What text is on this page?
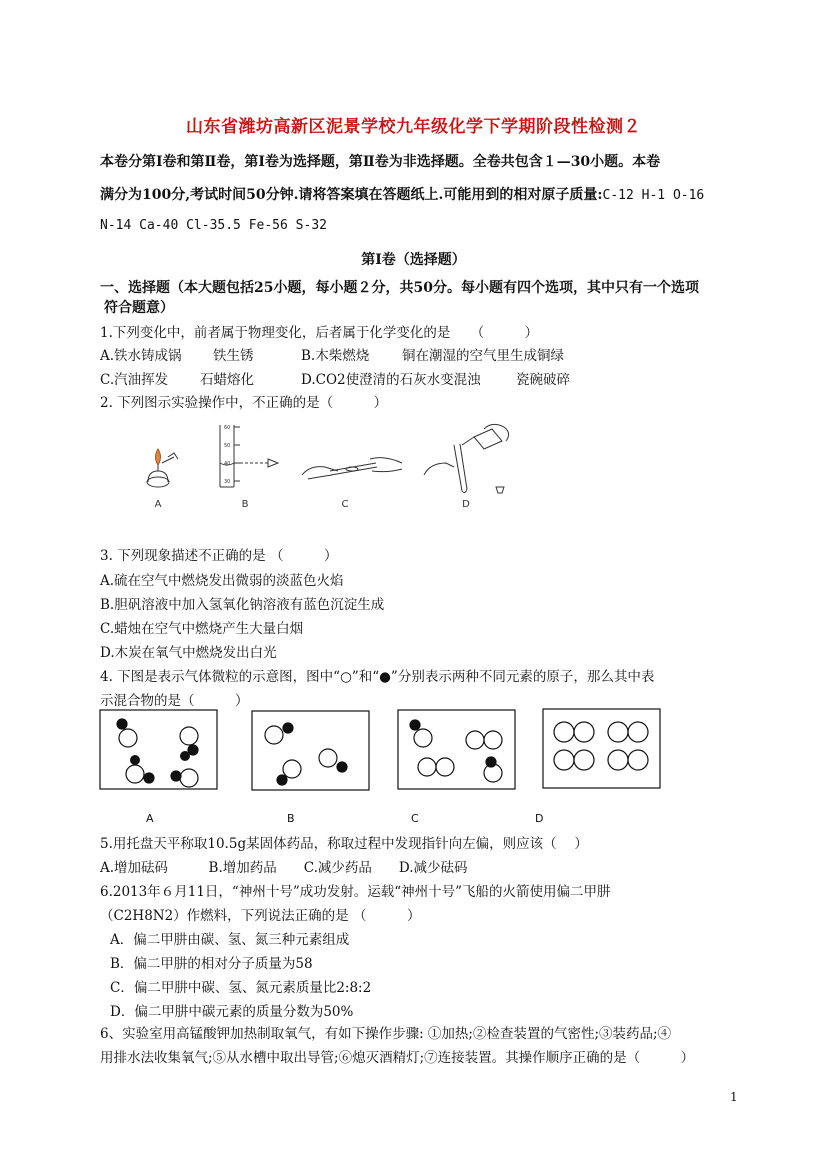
山东省潍坊高新区泥景学校九年级化学下学期阶段性检测２
本卷分第Ⅰ卷和第Ⅱ卷，第Ⅰ卷为选择题，第Ⅱ卷为非选择题。全卷共包含１—30小题。本卷
满分为100分,考试时间50分钟.请将答案填在答题纸上.可能用到的相对原子质量:C-12 H-1 O-16
N-14 Ca-40 Cl-35.5 Fe-56 S-32
第Ⅰ卷（选择题）
一、选择题（本大题包括25小题，每小题２分，共50分。每小题有四个选项，其中只有一个选项
符合题意）
1.下列变化中，前者属于物理变化，后者属于化学变化的是　　（　　　）
A.铁水铸成锅 铁生锈	B.木柴燃烧 铜在潮湿的空气里生成铜绿
C.汽油挥发 石蜡熔化	D.CO2使澄清的石灰水变混浊	瓷碗破碎
2. 下列图示实验操作中，不正确的是（　　　）
60
50
40
30
A	B	C	D
3. 下列现象描述不正确的是 （　　　）
A.硫在空气中燃烧发出微弱的淡蓝色火焰
B.胆矾溶液中加入氢氧化钠溶液有蓝色沉淀生成
C.蜡烛在空气中燃烧产生大量白烟
D.木炭在氧气中燃烧发出白光
4. 下图是表示气体微粒的示意图，图中“○”和“●”分别表示两种不同元素的原子，那么其中表
示混合物的是（　　　）
A	B	C	D
5.用托盘天平称取10.5g某固体药品，称取过程中发现指针向左偏，则应该（　 ）
A.增加砝码　　　B.增加药品　　C.减少药品　　D.减少砝码
6.2013年６月11日，“神州十号”成功发射。运载“神州十号”飞船的火箭使用偏二甲肼
（C2H8N2）作燃料，下列说法正确的是 （　　　）
A．偏二甲肼由碳、氢、氮三种元素组成
B．偏二甲肼的相对分子质量为58
C．偏二甲肼中碳、氢、氮元素质量比2:8:2
D．偏二甲肼中碳元素的质量分数为50%
6、实验室用高锰酸钾加热制取氧气，有如下操作步骤: ①加热;②检查装置的气密性;③装药品;④
用排水法收集氧气;⑤从水槽中取出导管;⑥熄灭酒精灯;⑦连接装置。其操作顺序正确的是（　　　）
1
